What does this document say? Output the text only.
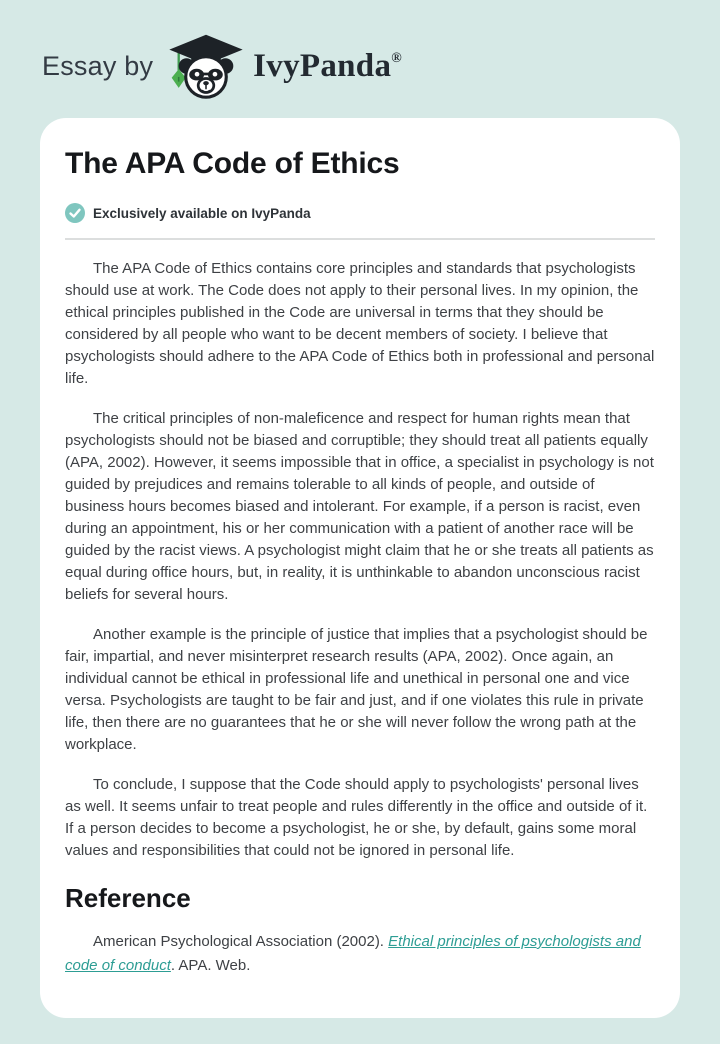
Essay by	IvyPanda®
The APA Code of Ethics
Exclusively available on IvyPanda

The APA Code of Ethics contains core principles and standards that psychologists should use at work. The Code does not apply to their personal lives. In my opinion, the ethical principles published in the Code are universal in terms that they should be considered by all people who want to be decent members of society. I believe that psychologists should adhere to the APA Code of Ethics both in professional and personal life.

The critical principles of non-maleficence and respect for human rights mean that psychologists should not be biased and corruptible; they should treat all patients equally (APA, 2002). However, it seems impossible that in office, a specialist in psychology is not guided by prejudices and remains tolerable to all kinds of people, and outside of business hours becomes biased and intolerant. For example, if a person is racist, even during an appointment, his or her communication with a patient of another race will be guided by the racist views. A psychologist might claim that he or she treats all patients as equal during office hours, but, in reality, it is unthinkable to abandon unconscious racist beliefs for several hours.

Another example is the principle of justice that implies that a psychologist should be fair, impartial, and never misinterpret research results (APA, 2002). Once again, an individual cannot be ethical in professional life and unethical in personal one and vice versa. Psychologists are taught to be fair and just, and if one violates this rule in private life, then there are no guarantees that he or she will never follow the wrong path at the workplace.

To conclude, I suppose that the Code should apply to psychologists' personal lives as well. It seems unfair to treat people and rules differently in the office and outside of it. If a person decides to become a psychologist, he or she, by default, gains some moral values and responsibilities that could not be ignored in personal life.

Reference

American Psychological Association (2002). Ethical principles of psychologists and code of conduct. APA. Web.
